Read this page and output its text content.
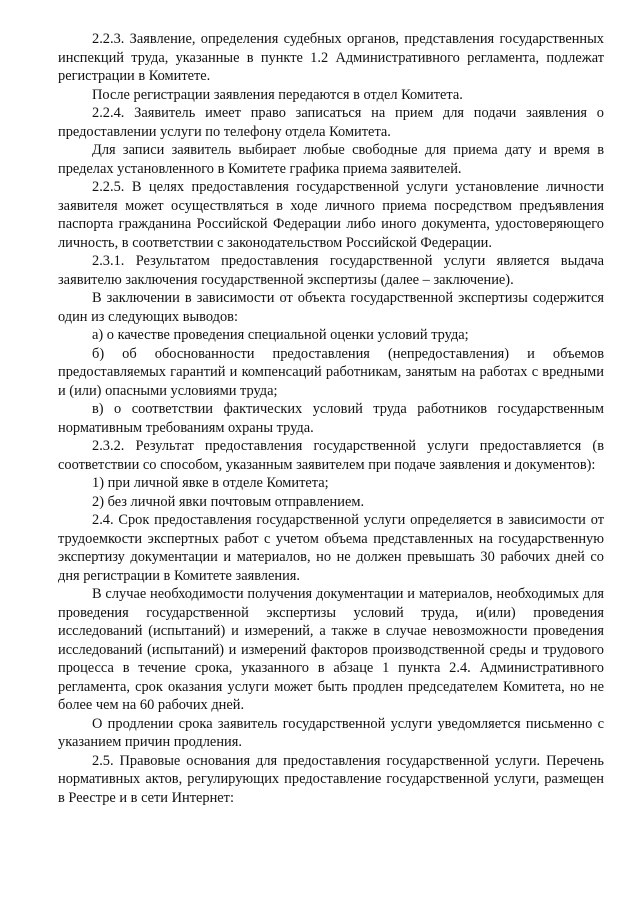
2.2.3. Заявление, определения судебных органов, представления государственных инспекций труда, указанные в пункте 1.2 Административного регламента, подлежат регистрации в Комитете.

После регистрации заявления передаются в отдел Комитета.

2.2.4. Заявитель имеет право записаться на прием для подачи заявления о предоставлении услуги по телефону отдела Комитета.

Для записи заявитель выбирает любые свободные для приема дату и время в пределах установленного в Комитете графика приема заявителей.

2.2.5. В целях предоставления государственной услуги установление личности заявителя может осуществляться в ходе личного приема посредством предъявления паспорта гражданина Российской Федерации либо иного документа, удостоверяющего личность, в соответствии с законодательством Российской Федерации.

2.3.1. Результатом предоставления государственной услуги является выдача заявителю заключения государственной экспертизы (далее – заключение).

В заключении в зависимости от объекта государственной экспертизы содержится один из следующих выводов:

а) о качестве проведения специальной оценки условий труда;

б) об обоснованности предоставления (непредоставления) и объемов предоставляемых гарантий и компенсаций работникам, занятым на работах с вредными и (или) опасными условиями труда;

в) о соответствии фактических условий труда работников государственным нормативным требованиям охраны труда.

2.3.2. Результат предоставления государственной услуги предоставляется (в соответствии со способом, указанным заявителем при подаче заявления и документов):

1) при личной явке в отделе Комитета;

2) без личной явки почтовым отправлением.

2.4. Срок предоставления государственной услуги определяется в зависимости от трудоемкости экспертных работ с учетом объема представленных на государственную экспертизу документации и материалов, но не должен превышать 30 рабочих дней со дня регистрации в Комитете заявления.

В случае необходимости получения документации и материалов, необходимых для проведения государственной экспертизы условий труда, и(или) проведения исследований (испытаний) и измерений, а также в случае невозможности проведения исследований (испытаний) и измерений факторов производственной среды и трудового процесса в течение срока, указанного в абзаце 1 пункта 2.4. Административного регламента, срок оказания услуги может быть продлен председателем Комитета, но не более чем на 60 рабочих дней.

О продлении срока заявитель государственной услуги уведомляется письменно с указанием причин продления.

2.5. Правовые основания для предоставления государственной услуги. Перечень нормативных актов, регулирующих предоставление государственной услуги, размещен в Реестре и в сети Интернет:
